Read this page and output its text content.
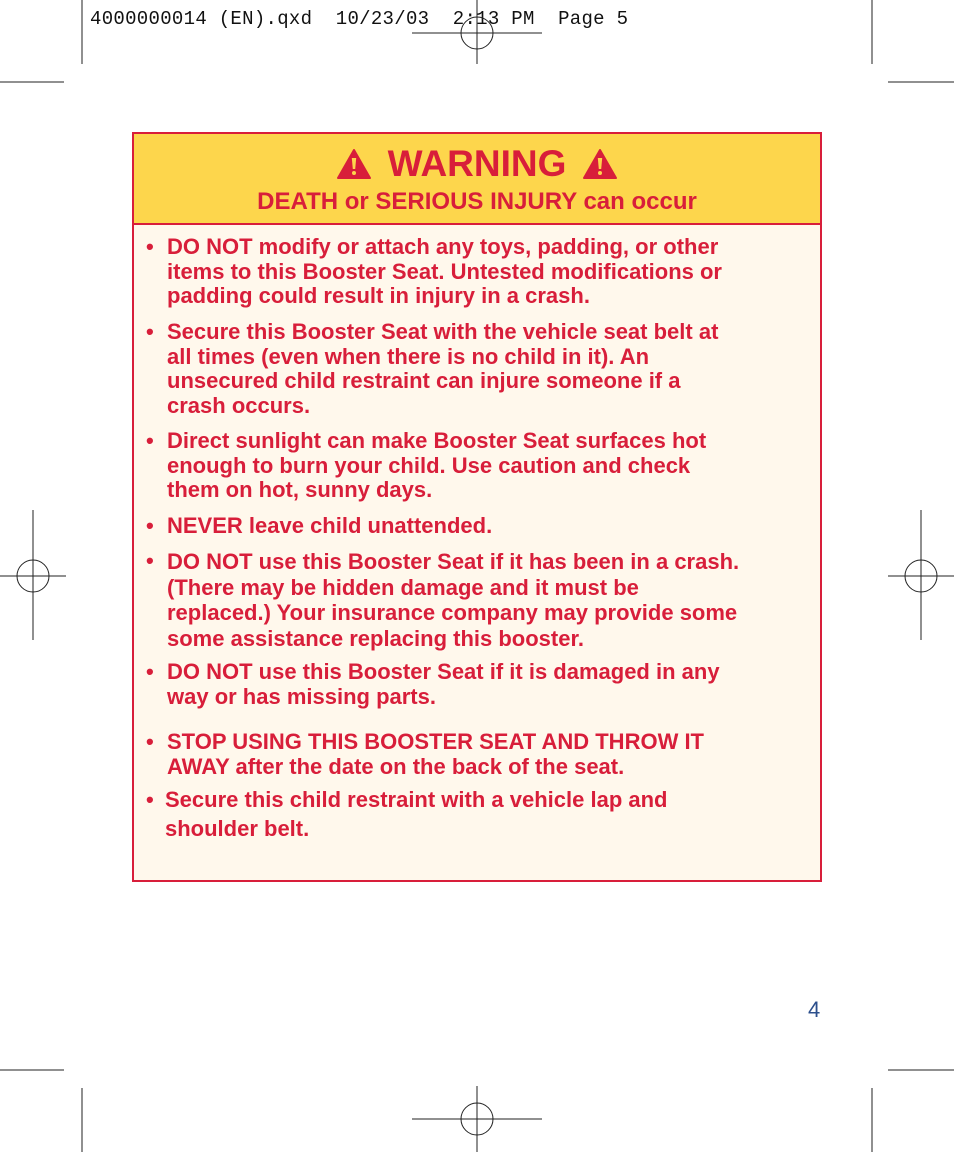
4000000014 (EN).qxd  10/23/03  2:13 PM  Page 5
WARNING
DEATH or SERIOUS INJURY can occur
• DO NOT modify or attach any toys, padding, or other
items to this Booster Seat. Untested modifications or
padding could result in injury in a crash.
• Secure this Booster Seat with the vehicle seat belt at
all times (even when there is no child in it). An
unsecured child restraint can injure someone if a
crash occurs.
• Direct sunlight can make Booster Seat surfaces hot
enough to burn your child. Use caution and check
them on hot, sunny days.
• NEVER leave child unattended.
• DO NOT use this Booster Seat if it has been in a crash.
(There may be hidden damage and it must be
replaced.) Your insurance company may provide some
some assistance replacing this booster.
• DO NOT use this Booster Seat if it is damaged in any
way or has missing parts.
• STOP USING THIS BOOSTER SEAT AND THROW IT
AWAY after the date on the back of the seat.
• Secure this child restraint with a vehicle lap and
shoulder belt.
4
